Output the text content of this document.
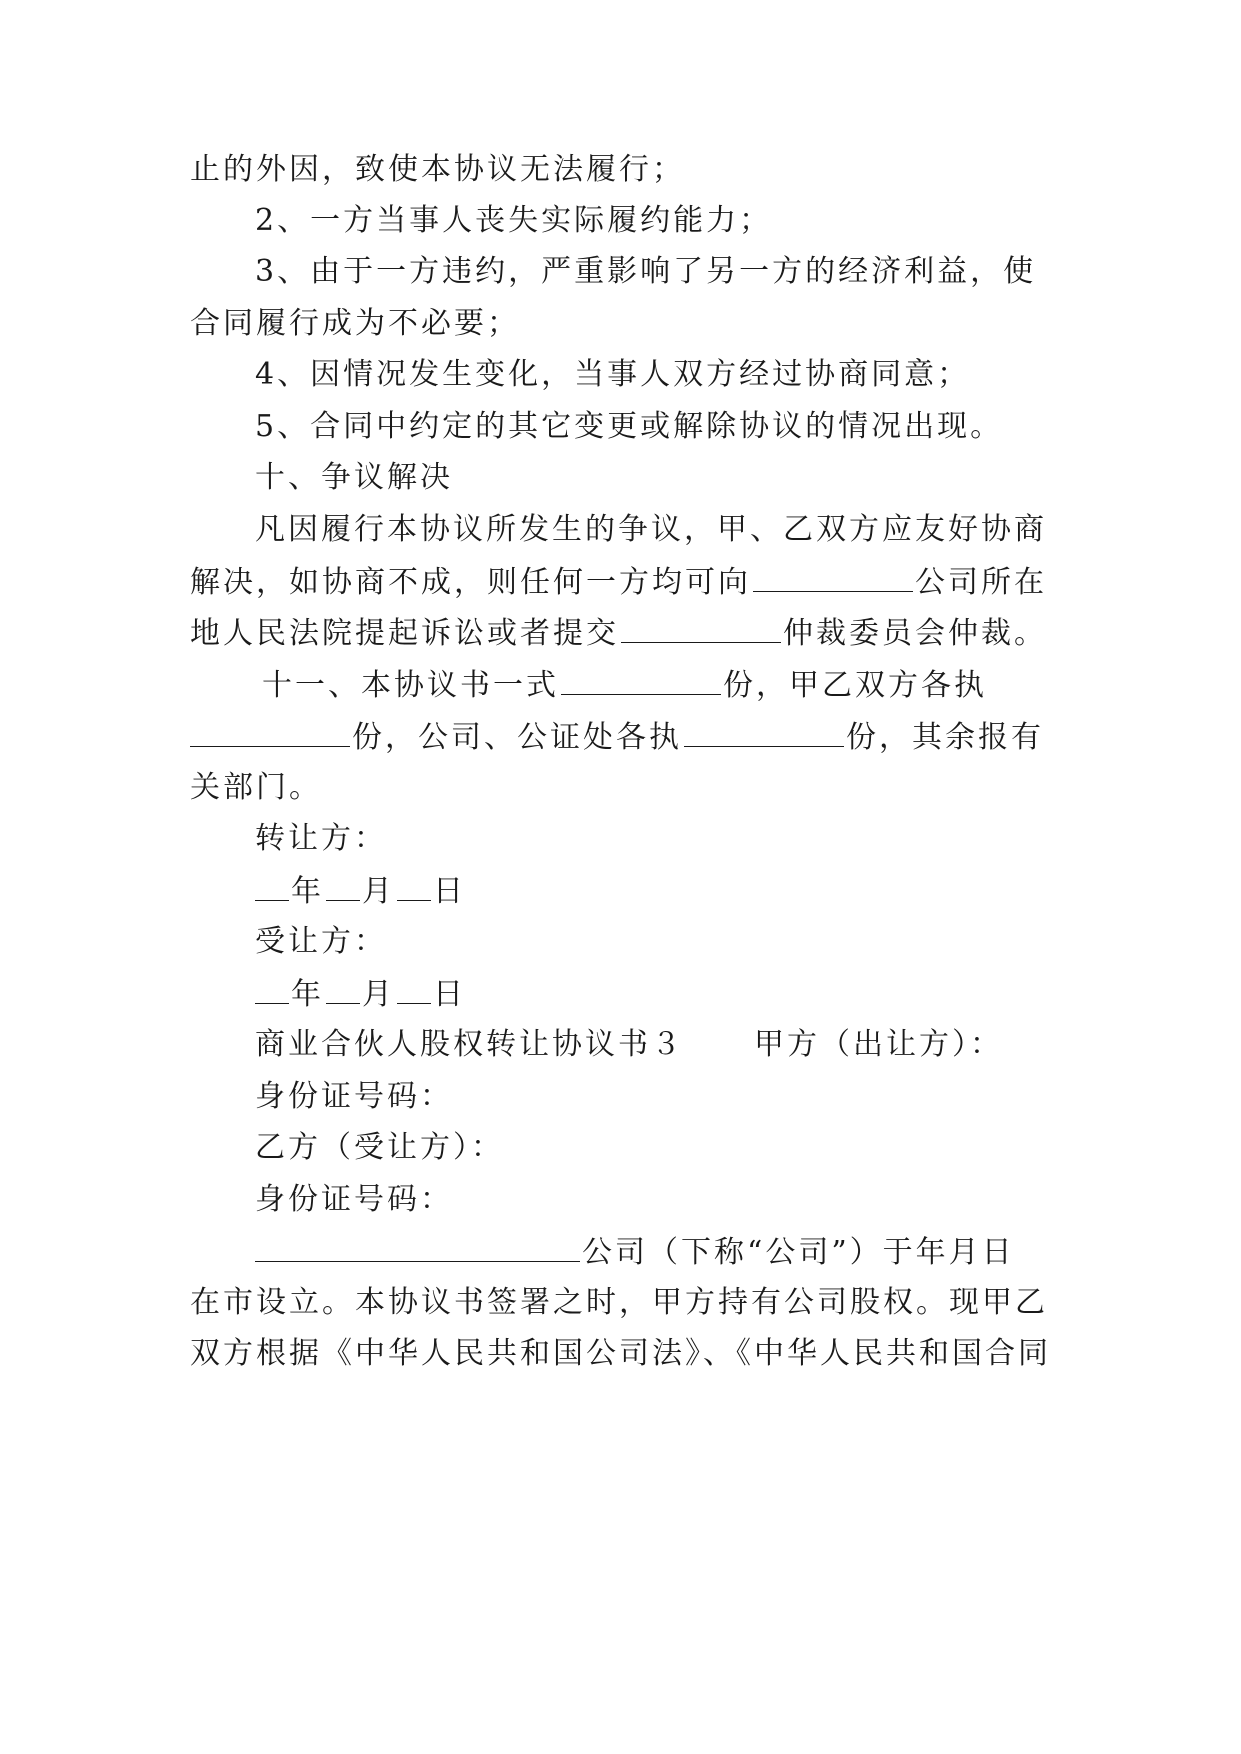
止的外因，致使本协议无法履行；
2、一方当事人丧失实际履约能力；
3、由于一方违约，严重影响了另一方的经济利益，使
合同履行成为不必要；
4、因情况发生变化，当事人双方经过协商同意；
5、合同中约定的其它变更或解除协议的情况出现。
十、争议解决
凡因履行本协议所发生的争议，甲、乙双方应友好协商
解决，如协商不成，则任何一方均可向	公司所在
地人民法院提起诉讼或者提交	仲裁委员会仲裁。
十一、本协议书一式	份，甲乙双方各执
份，公司、公证处各执	份，其余报有
关部门。
转让方：
年 月 日
受让方：
年 月 日
商业合伙人股权转让协议书３ 甲方（出让方）：
身份证号码：
乙方（受让方）：
身份证号码：
公司（下称“公司”）于年月日
在市设立。本协议书签署之时，甲方持有公司股权。现甲乙
双方根据《中华人民共和国公司法》、《中华人民共和国合同
